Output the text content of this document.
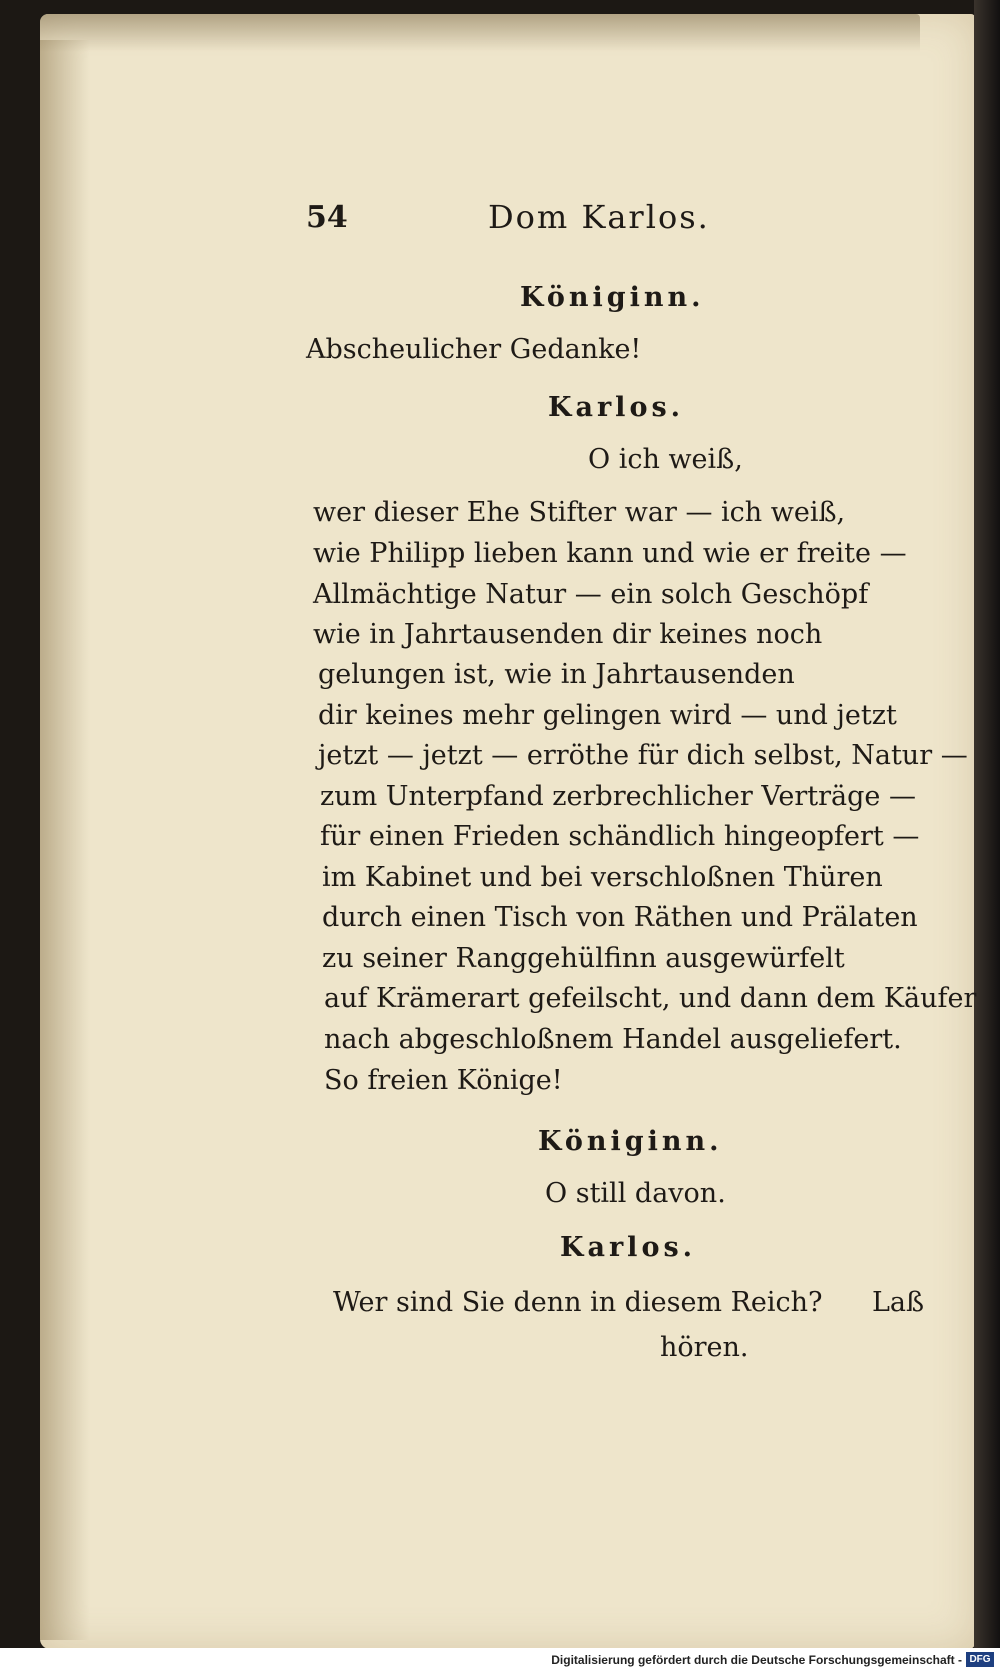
54	Dom Karlos.
Königinn.
Abscheulicher Gedanke!
Karlos.
O ich weiß,
wer dieser Ehe Stifter war — ich weiß,
wie Philipp lieben kann und wie er freite —
Allmächtige Natur — ein solch Geschöpf
wie in Jahrtausenden dir keines noch
gelungen ist, wie in Jahrtausenden
dir keines mehr gelingen wird — und jetzt
jetzt — jetzt — erröthe für dich selbst, Natur —
zum Unterpfand zerbrechlicher Verträge —
für einen Frieden schändlich hingeopfert —
im Kabinet und bei verschloßnen Thüren
durch einen Tisch von Räthen und Prälaten
zu seiner Ranggehülfinn ausgewürfelt
auf Krämerart gefeilscht, und dann dem Käufer
nach abgeschloßnem Handel ausgeliefert.
So freien Könige!
Königinn.
O still davon.
Karlos.
Wer sind Sie denn in diesem Reich? Laß
hören.
Digitalisierung gefördert durch die Deutsche Forschungsgemeinschaft - DFG
